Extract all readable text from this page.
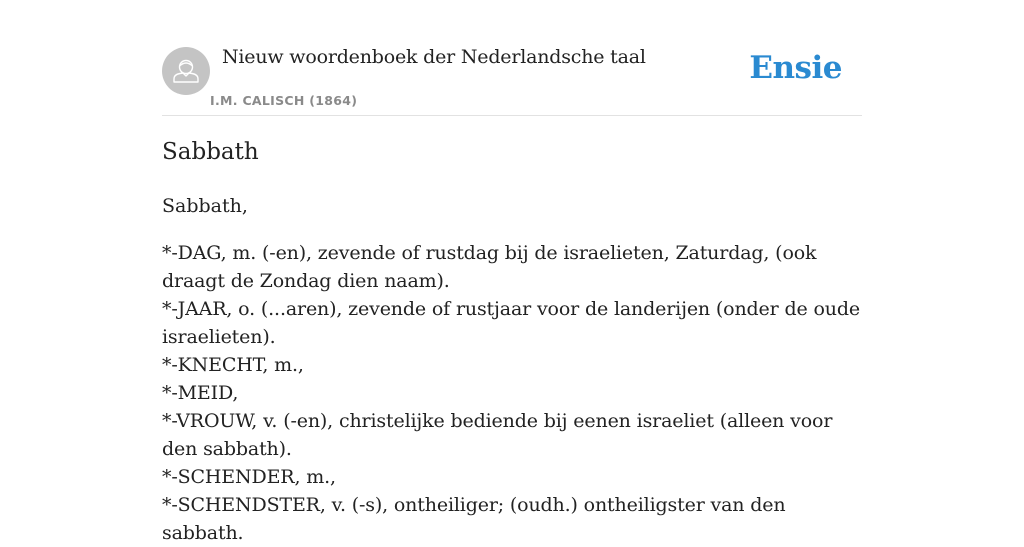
Nieuw woordenboek der Nederlandsche taal
I.M. CALISCH (1864)
Ensie
Sabbath

Sabbath,

*-DAG, m. (-en), zevende of rustdag bij de israelieten, Zaturdag, (ook draagt de Zondag dien naam).

*-JAAR, o. (...aren), zevende of rustjaar voor de landerijen (onder de oude israelieten).

*-KNECHT, m.,

*-MEID,

*-VROUW, v. (-en), christelijke bediende bij eenen israeliet (alleen voor den sabbath).

*-SCHENDER, m.,

*-SCHENDSTER, v. (-s), ontheiliger; (oudh.) ontheiligster van den sabbath.
